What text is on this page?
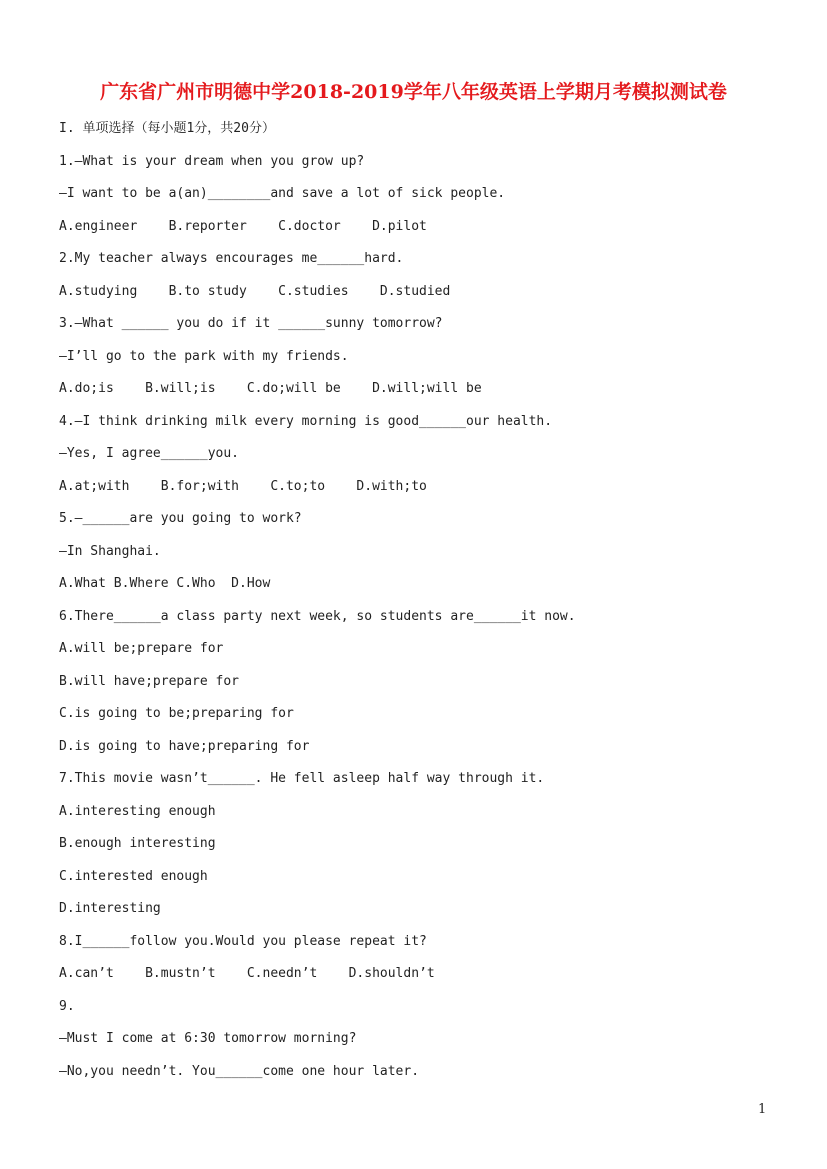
广东省广州市明德中学2018-2019学年八年级英语上学期月考模拟测试卷
I. 单项选择（每小题1分，共20分）
1.—What is your dream when you grow up?
—I want to be a(an)________and save a lot of sick people.
A.engineer    B.reporter    C.doctor    D.pilot
2.My teacher always encourages me______hard.
A.studying    B.to study    C.studies    D.studied
3.—What ______ you do if it ______sunny tomorrow?
—I’ll go to the park with my friends.
A.do;is    B.will;is    C.do;will be    D.will;will be
4.—I think drinking milk every morning is good______our health.
—Yes, I agree______you.
A.at;with    B.for;with    C.to;to    D.with;to
5.—______are you going to work?
—In Shanghai.
A.What B.Where C.Who  D.How
6.There______a class party next week, so students are______it now.
A.will be;prepare for
B.will have;prepare for
C.is going to be;preparing for
D.is going to have;preparing for
7.This movie wasn’t______. He fell asleep half way through it.
A.interesting enough
B.enough interesting
C.interested enough
D.interesting
8.I______follow you.Would you please repeat it?
A.can’t    B.mustn’t    C.needn’t    D.shouldn’t
9.
—Must I come at 6:30 tomorrow morning?
—No,you needn’t. You______come one hour later.
1
